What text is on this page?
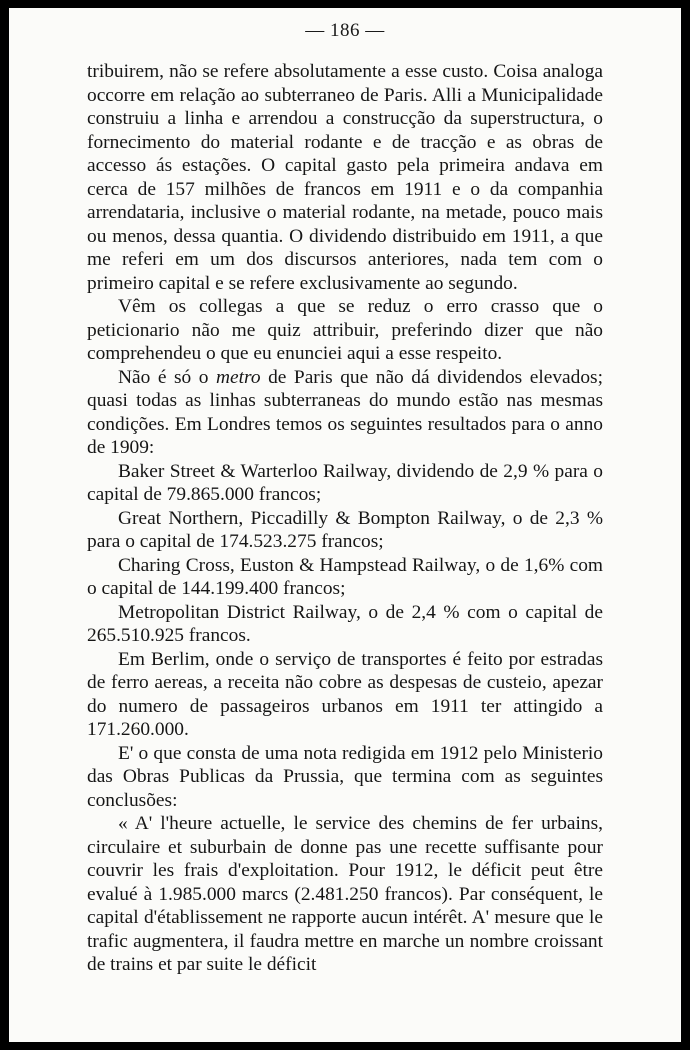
— 186 —

tribuirem, não se refere absolutamente a esse custo. Coisa analoga occorre em relação ao subterraneo de Paris. Alli a Municipalidade construiu a linha e arrendou a construcção da superstructura, o fornecimento do material rodante e de tracção e as obras de accesso ás estações. O capital gasto pela primeira andava em cerca de 157 milhões de francos em 1911 e o da companhia arrendataria, inclusive o material rodante, na metade, pouco mais ou menos, dessa quantia. O dividendo distribuido em 1911, a que me referi em um dos discursos anteriores, nada tem com o primeiro capital e se refere exclusivamente ao segundo.

Vêm os collegas a que se reduz o erro crasso que o peticionario não me quiz attribuir, preferindo dizer que não comprehendeu o que eu enunciei aqui a esse respeito.

Não é só o metro de Paris que não dá dividendos elevados; quasi todas as linhas subterraneas do mundo estão nas mesmas condições. Em Londres temos os seguintes resultados para o anno de 1909:

Baker Street & Warterloo Railway, dividendo de 2,9 % para o capital de 79.865.000 francos;

Great Northern, Piccadilly & Bompton Railway, o de 2,3 % para o capital de 174.523.275 francos;

Charing Cross, Euston & Hampstead Railway, o de 1,6% com o capital de 144.199.400 francos;

Metropolitan District Railway, o de 2,4 % com o capital de 265.510.925 francos.

Em Berlim, onde o serviço de transportes é feito por estradas de ferro aereas, a receita não cobre as despesas de custeio, apezar do numero de passageiros urbanos em 1911 ter attingido a 171.260.000.

E' o que consta de uma nota redigida em 1912 pelo Ministerio das Obras Publicas da Prussia, que termina com as seguintes conclusões:

« A' l'heure actuelle, le service des chemins de fer urbains, circulaire et suburbain de donne pas une recette suffisante pour couvrir les frais d'exploitation. Pour 1912, le déficit peut être evalué à 1.985.000 marcs (2.481.250 francos). Par conséquent, le capital d'établissement ne rapporte aucun intérêt. A' mesure que le trafic augmentera, il faudra mettre en marche un nombre croissant de trains et par suite le déficit
